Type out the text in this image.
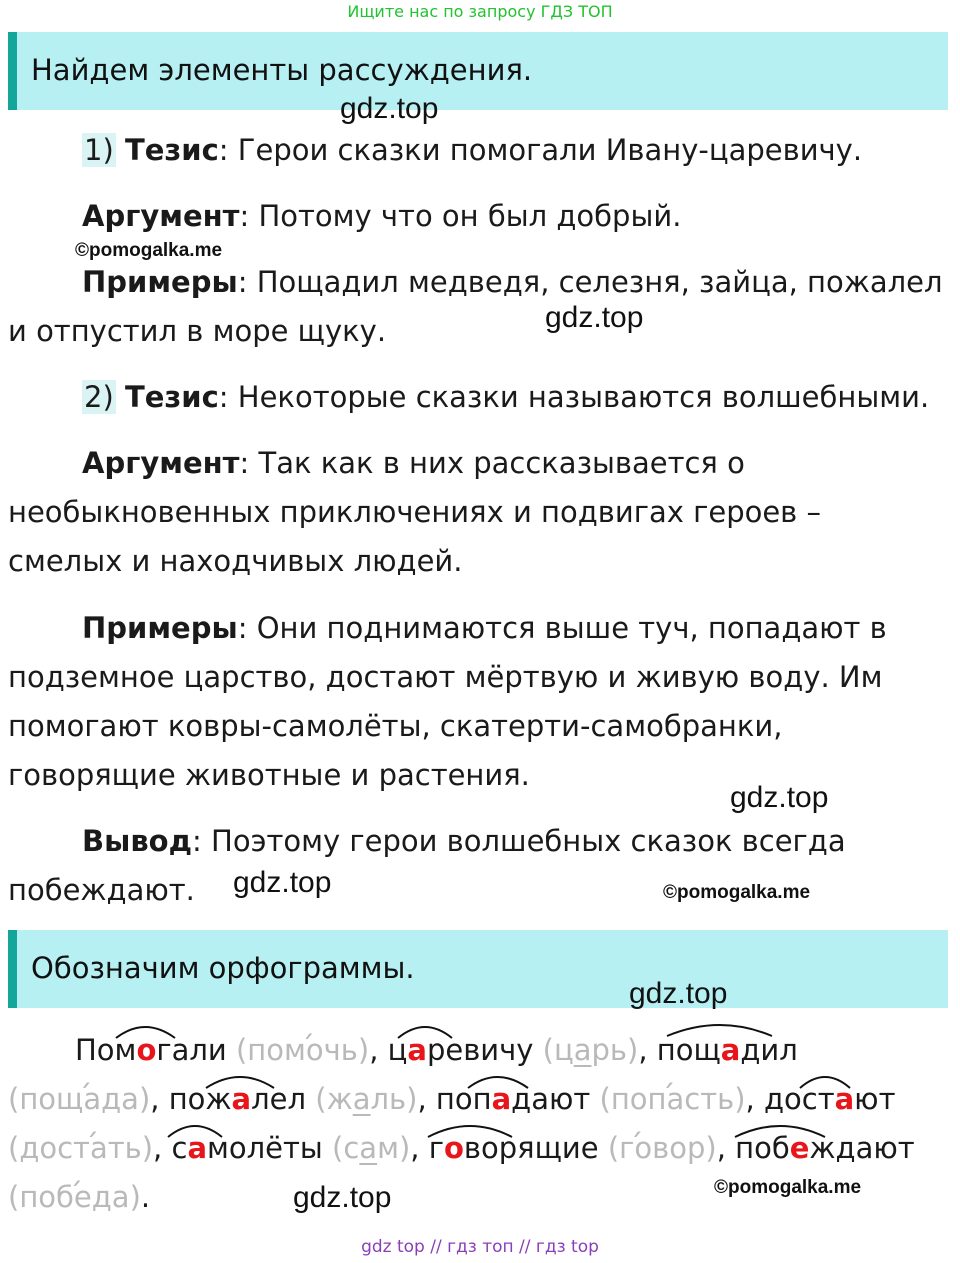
Ищите нас по запросу ГДЗ ТОП
Найдем элементы рассуждения.
1) Тезис: Герои сказки помогали Ивану-царевичу.
Аргумент: Потому что он был добрый.
Примеры: Пощадил медведя, селезня, зайца, пожалел
и отпустил в море щуку.
2) Тезис: Некоторые сказки называются волшебными.
Аргумент: Так как в них рассказывается о
необыкновенных приключениях и подвигах героев –
смелых и находчивых людей.
Примеры: Они поднимаются выше туч, попадают в
подземное царство, достают мёртвую и живую воду. Им
помогают ковры-самолёты, скатерти-самобранки,
говорящие животные и растения.
Вывод: Поэтому герои волшебных сказок всегда
побеждают.
Обозначим орфограммы.
Помогали (помо ́чь), царевичу (царь), пощадил
(поща ́да), пожалел (жаль), попадают (попа ́сть), достают
(доста ́ть), самолёты (сам), говорящие (го ́вор), побеждают
(побе ́да).
gdz.top
©pomogalka.me
gdz.top
gdz.top
gdz.top	©pomogalka.me
gdz.top
©pomogalka.me
gdz.top
gdz top // гдз топ // гдз top
